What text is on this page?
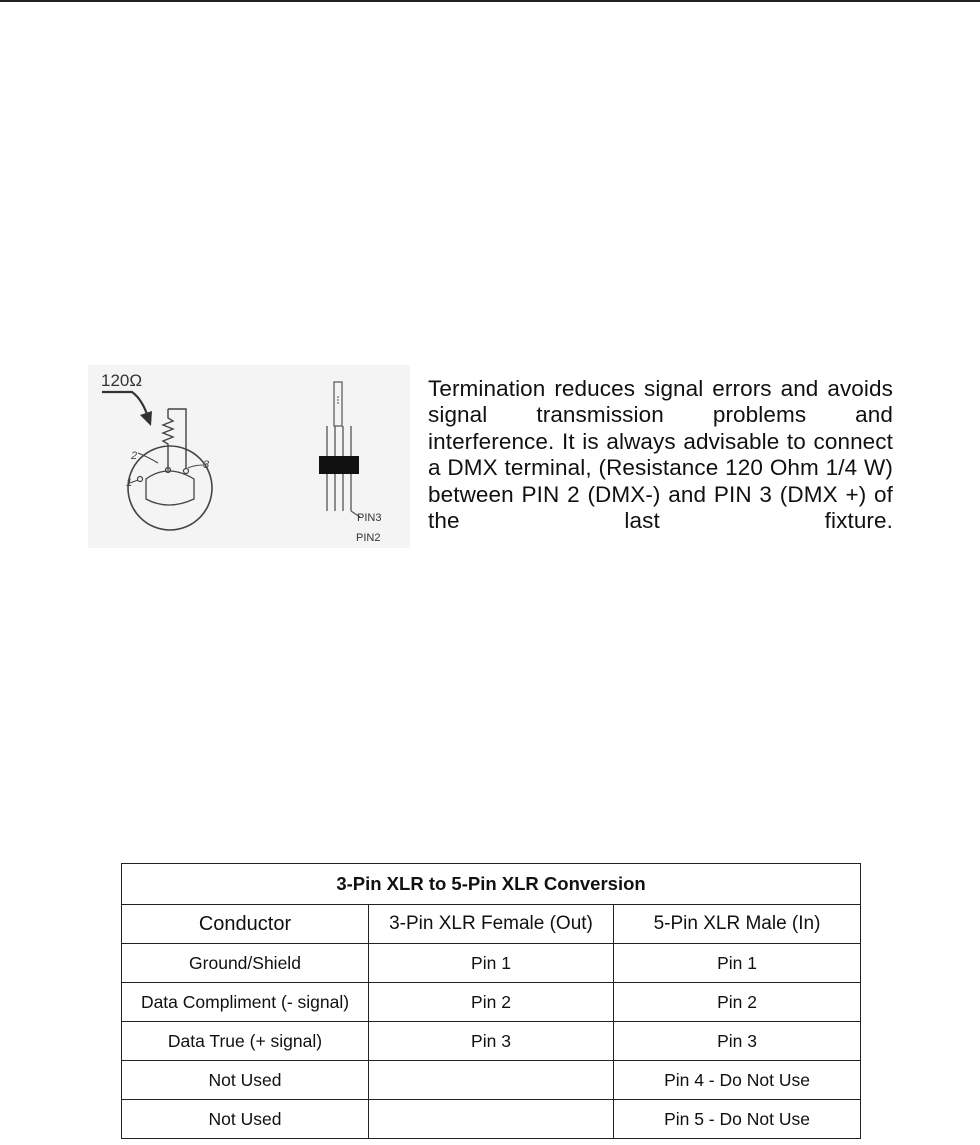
120Ω
2
3
1
PIN3
PIN2

Termination reduces signal errors and avoids signal transmission problems and interference. It is always advisable to connect a DMX terminal, (Resistance 120 Ohm 1/4 W) between PIN 2 (DMX-) and PIN 3 (DMX +) of the last fixture.

3-Pin XLR to 5-Pin XLR Conversion		
Conductor	3-Pin XLR Female (Out)	5-Pin XLR Male (In)
Ground/Shield	Pin 1	Pin 1
Data Compliment (- signal)	Pin 2	Pin 2
Data True (+ signal)	Pin 3	Pin 3
Not Used		Pin 4 - Do Not Use
Not Used		Pin 5 - Do Not Use
